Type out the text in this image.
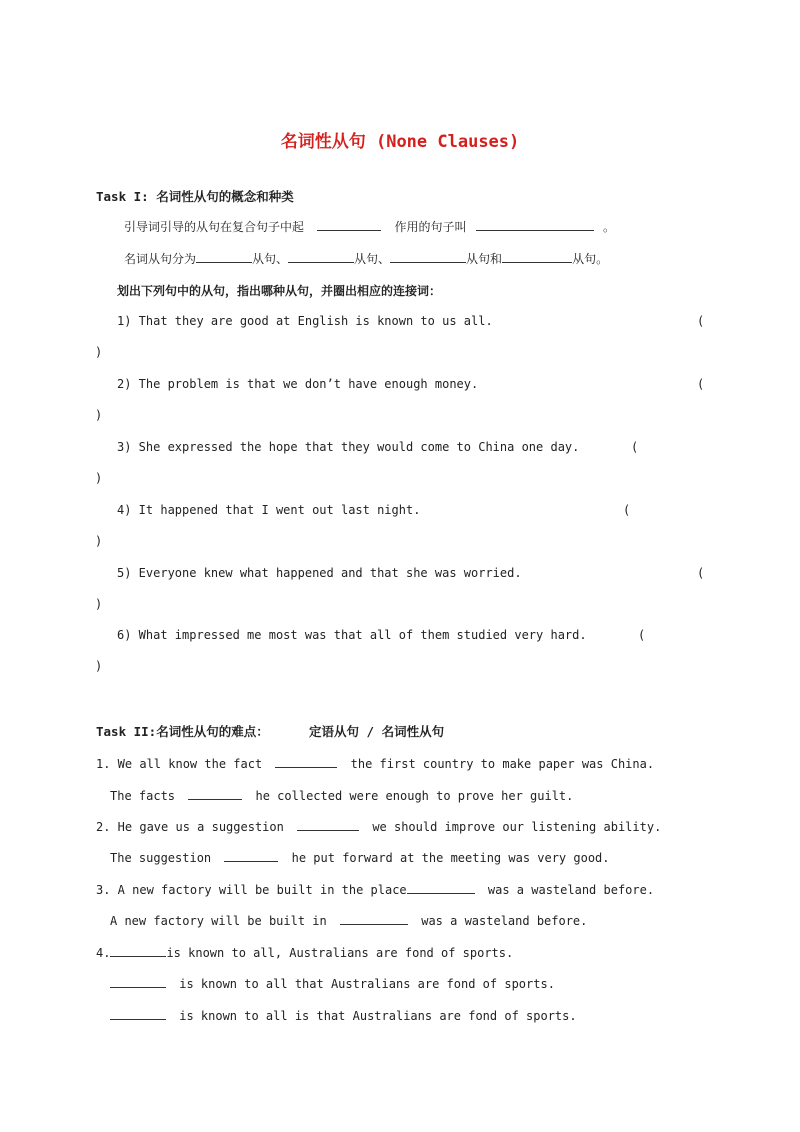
名词性从句 (None Clauses)
Task I: 名词性从句的概念和种类
引导词引导的从句在复合句子中起	作用的句子叫	。
名词从句分为	从句、	从句、	从句和	从句。
划出下列句中的从句，指出哪种从句，并圈出相应的连接词：
1) That they are good at English is known to us all.	(
)
2) The problem is that we don’t have enough money.	(
)
3) She expressed the hope that they would come to China one day.	(
)
4) It happened that I went out last night.	(
)
5) Everyone knew what happened and that she was worried.	(
)
6) What impressed me most was that all of them studied very hard.	(
)
Task II:名词性从句的难点：	定语从句 / 名词性从句
1. We all know the fact	the first country to make paper was China.
The facts	he collected were enough to prove her guilt.
2. He gave us a suggestion	we should improve our listening ability.
The suggestion	he put forward at the meeting was very good.
3. A new factory will be built in the place	was a wasteland before.
A new factory will be built in	was a wasteland before.
4.	is known to all, Australians are fond of sports.
is known to all that Australians are fond of sports.
is known to all is that Australians are fond of sports.
